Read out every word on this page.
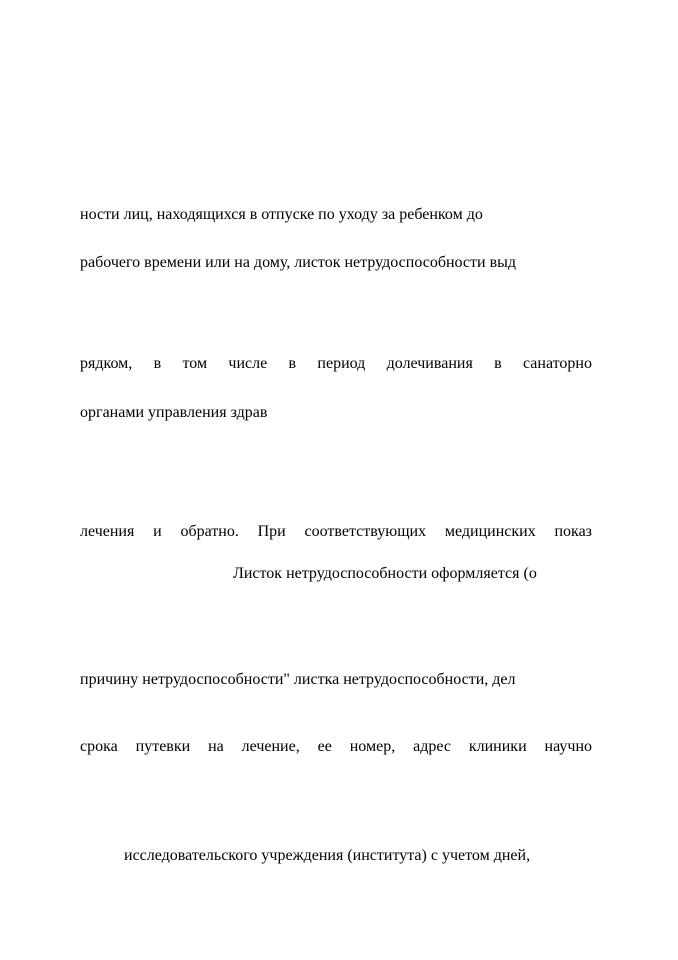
ности лиц, находящихся в отпуске по уходу за ребенком до
рабочего времени или на дому, листок нетрудоспособности выд
рядком, в том числе в период долечивания в санаторно
органами управления здрав
лечения и обратно. При соответствующих медицинских показ
Листок нетрудоспособности оформляется (о
причину нетрудоспособности" листка нетрудоспособности, дел
срока путевки на лечение, ее номер, адрес клиники научно
исследовательского учреждения (института) с учетом дней,
